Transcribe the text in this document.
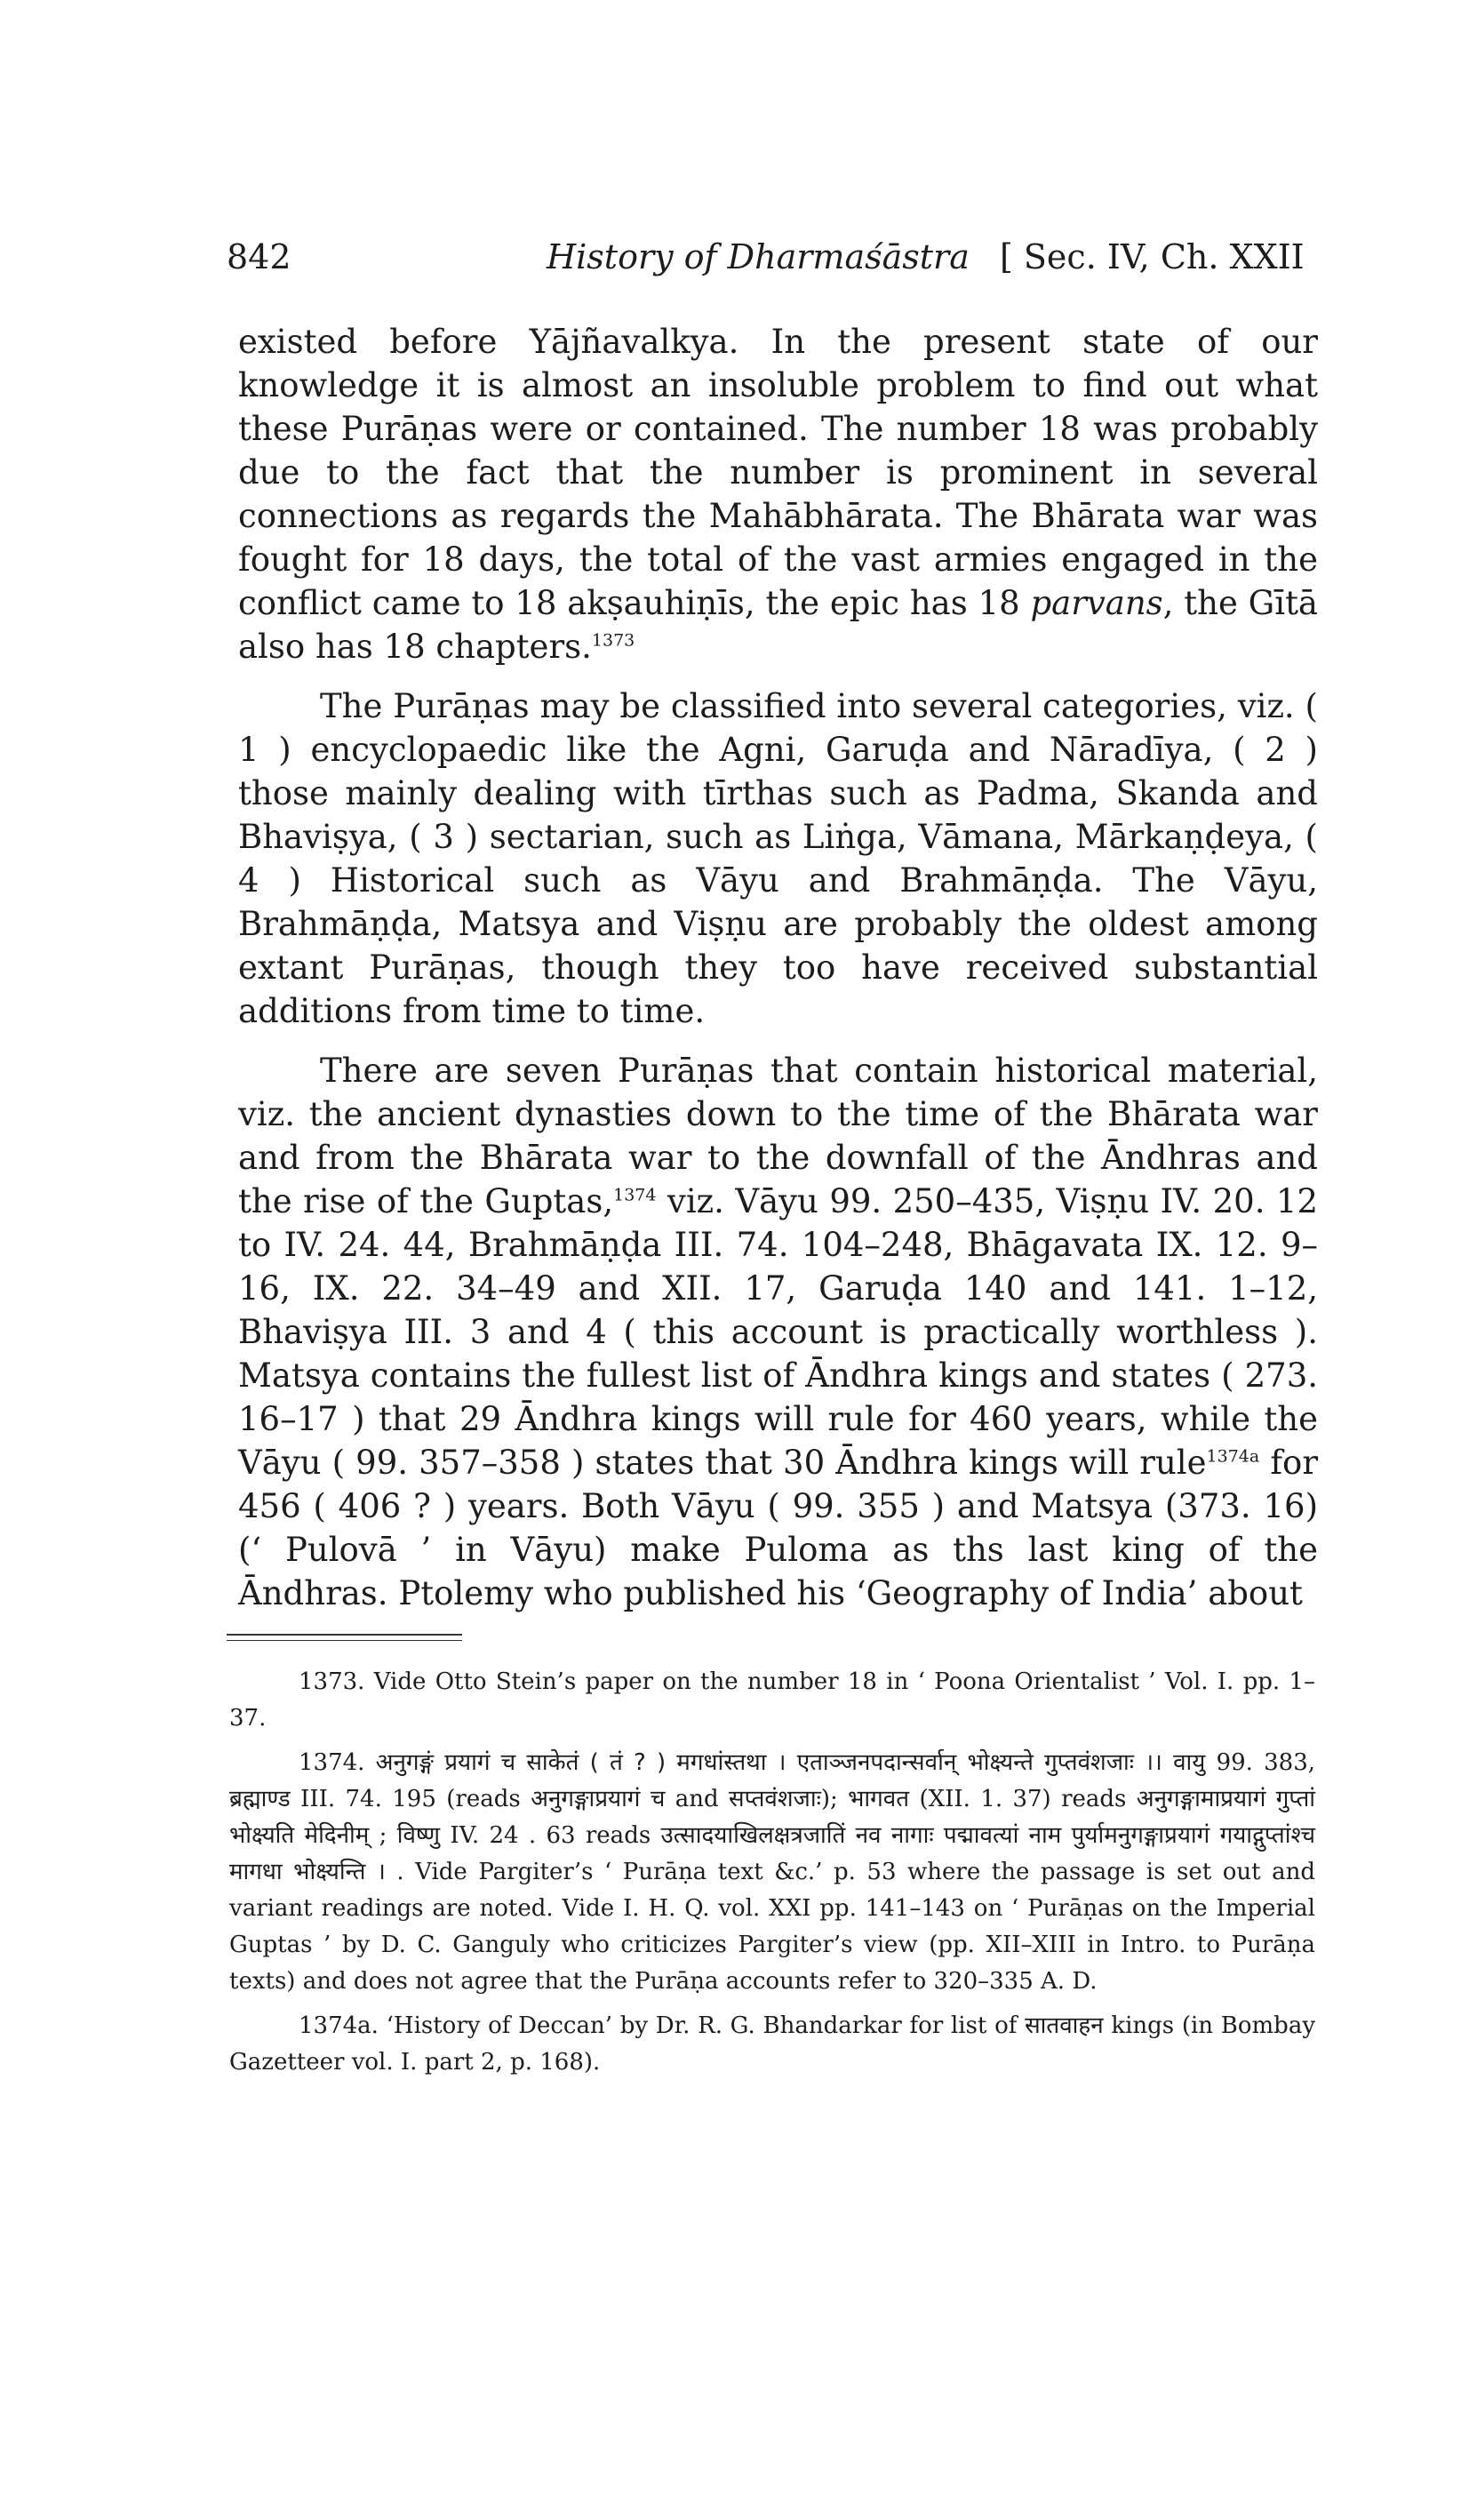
842	History of Dharmaśāstra [ Sec. IV, Ch. XXII

existed before Yājñavalkya. In the present state of our knowledge it is almost an insoluble problem to find out what these Purāṇas were or contained. The number 18 was probably due to the fact that the number is prominent in several connections as regards the Mahābhārata. The Bhārata war was fought for 18 days, the total of the vast armies engaged in the conflict came to 18 akṣauhiṇīs, the epic has 18 parvans, the Gītā also has 18 chapters.$^{1373}$

The Purāṇas may be classified into several categories, viz. ( 1 ) encyclopaedic like the Agni, Garuḍa and Nāradīya, ( 2 ) those mainly dealing with tīrthas such as Padma, Skanda and Bhaviṣya, ( 3 ) sectarian, such as Liṅga, Vāmana, Mārkaṇḍeya, ( 4 ) Historical such as Vāyu and Brahmāṇḍa. The Vāyu, Brahmāṇḍa, Matsya and Viṣṇu are probably the oldest among extant Purāṇas, though they too have received substantial additions from time to time.

There are seven Purāṇas that contain historical material, viz. the ancient dynasties down to the time of the Bhārata war and from the Bhārata war to the downfall of the Āndhras and the rise of the Guptas,$^{1374}$ viz. Vāyu 99. 250–435, Viṣṇu IV. 20. 12 to IV. 24. 44, Brahmāṇḍa III. 74. 104–248, Bhāgavata IX. 12. 9–16, IX. 22. 34–49 and XII. 17, Garuḍa 140 and 141. 1–12, Bhaviṣya III. 3 and 4 ( this account is practically worthless ). Matsya contains the fullest list of Āndhra kings and states ( 273. 16–17 ) that 29 Āndhra kings will rule for 460 years, while the Vāyu ( 99. 357–358 ) states that 30 Āndhra kings will rule$^{1374a}$ for 456 ( 406 ? ) years. Both Vāyu ( 99. 355 ) and Matsya (373. 16) (‘ Pulovā ’ in Vāyu) make Puloma as ths last king of the Āndhras. Ptolemy who published his ‘Geography of India’ about

1373. Vide Otto Stein’s paper on the number 18 in ‘ Poona Orientalist ’ Vol. I. pp. 1–37.

1374. अनुगङ्गं प्रयागं च साकेतं ( तं ? ) मगधांस्तथा । एताञ्जनपदान्सर्वान् भोक्ष्यन्ते गुप्तवंशजाः ।। वायु 99. 383, ब्रह्माण्ड III. 74. 195 (reads अनुगङ्गाप्रयागं च and सप्तवंशजाः); भागवत (XII. 1. 37) reads अनुगङ्गामाप्रयागं गुप्तां भोक्ष्यति मेदिनीम् ; विष्णु IV. 24 . 63 reads उत्सादयाखिलक्षत्रजातिं नव नागाः पद्मावत्यां नाम पुर्यामनुगङ्गाप्रयागं गयाद्गुप्तांश्च मागधा भोक्ष्यन्ति । . Vide Pargiter’s ‘ Purāṇa text &c.’ p. 53 where the passage is set out and variant readings are noted. Vide I. H. Q. vol. XXI pp. 141–143 on ‘ Purāṇas on the Imperial Guptas ’ by D. C. Ganguly who criticizes Pargiter’s view (pp. XII–XIII in Intro. to Purāṇa texts) and does not agree that the Purāṇa accounts refer to 320–335 A. D.

1374a. ‘History of Deccan’ by Dr. R. G. Bhandarkar for list of सातवाहन kings (in Bombay Gazetteer vol. I. part 2, p. 168).
